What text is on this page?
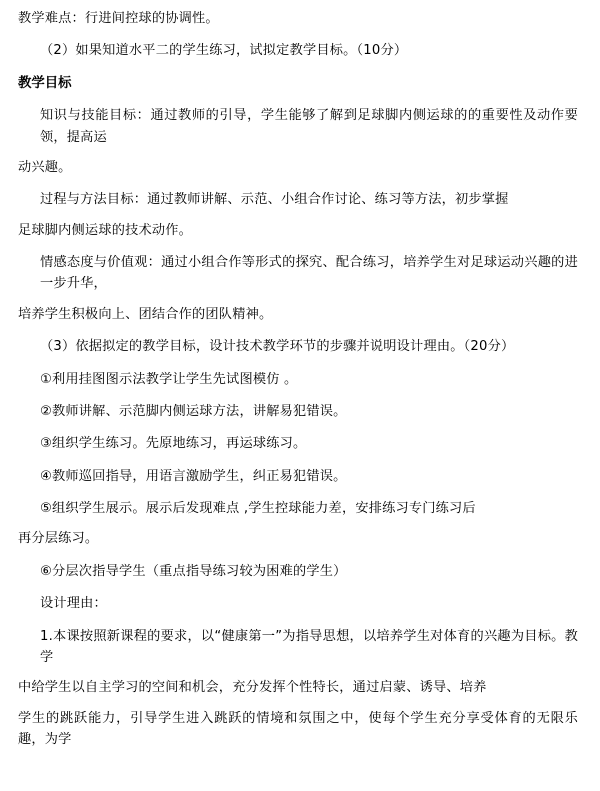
教学难点：行进间控球的协调性。

（2）如果知道水平二的学生练习，试拟定教学目标。（10分）

教学目标

知识与技能目标：通过教师的引导，学生能够了解到足球脚内侧运球的的重要性及动作要领，提高运

动兴趣。

过程与方法目标：通过教师讲解、示范、小组合作讨论、练习等方法，初步掌握

足球脚内侧运球的技术动作。

情感态度与价值观：通过小组合作等形式的探究、配合练习，培养学生对足球运动兴趣的进一步升华，

培养学生积极向上、团结合作的团队精神。

（3）依据拟定的教学目标，设计技术教学环节的步骤并说明设计理由。（20分）

①利用挂图图示法教学让学生先试图模仿 。

②教师讲解、示范脚内侧运球方法，讲解易犯错误。

③组织学生练习。先原地练习，再运球练习。

④教师巡回指导，用语言激励学生，纠正易犯错误。

⑤组织学生展示。展示后发现难点 ,学生控球能力差，安排练习专门练习后

再分层练习。

⑥分层次指导学生（重点指导练习较为困难的学生）

设计理由：

1.本课按照新课程的要求，以“健康第一”为指导思想，以培养学生对体育的兴趣为目标。教学

中给学生以自主学习的空间和机会，充分发挥个性特长，通过启蒙、诱导、培养

学生的跳跃能力，引导学生进入跳跃的情境和氛围之中，使每个学生充分享受体育的无限乐趣，为学
